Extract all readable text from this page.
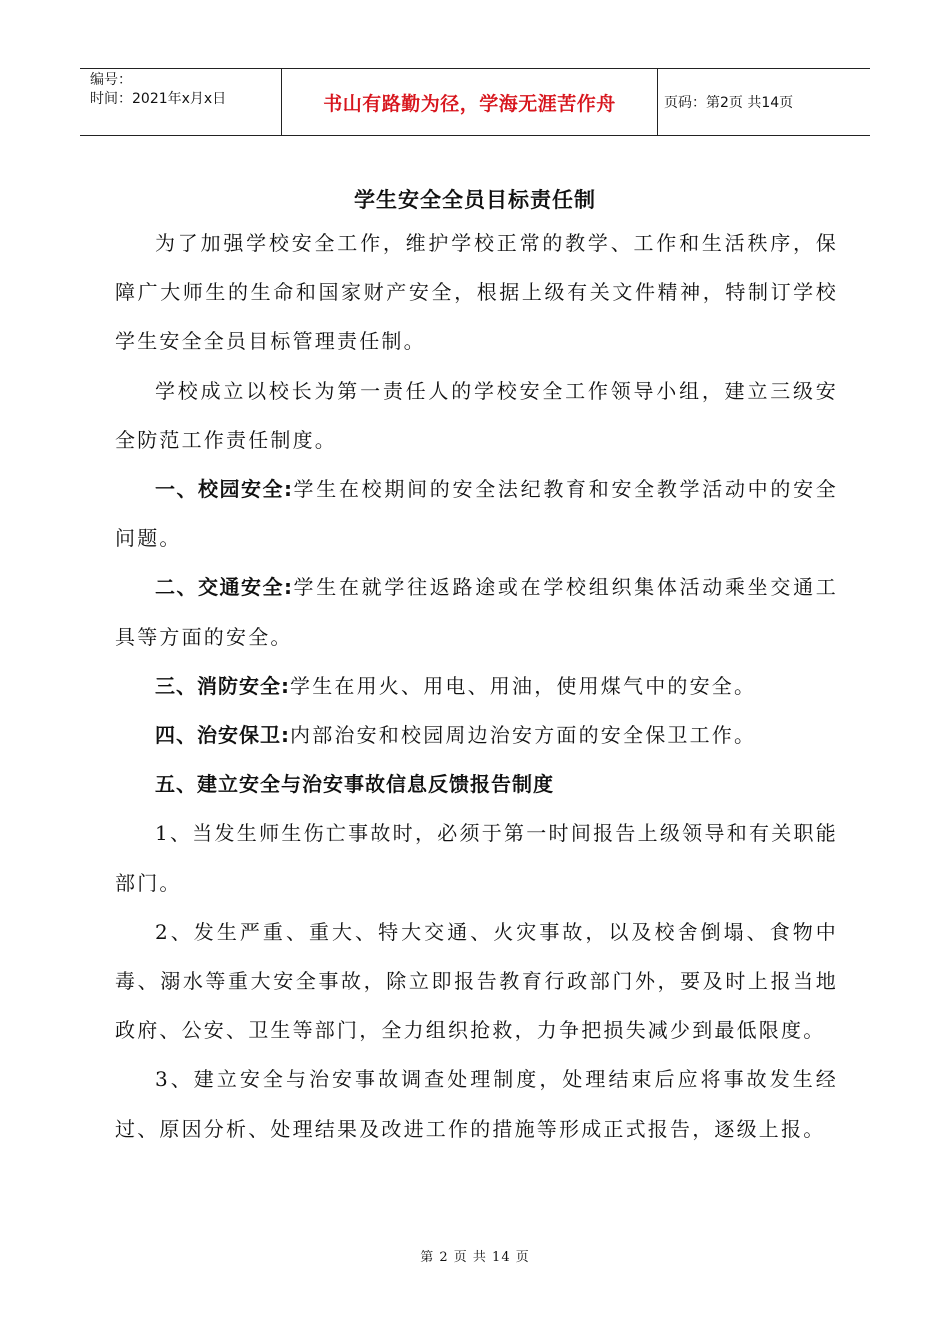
编号：
时间：2021年x月x日	书山有路勤为径，学海无涯苦作舟	页码：第2页 共14页
学生安全全员目标责任制

为了加强学校安全工作，维护学校正常的教学、工作和生活秩序，保障广大师生的生命和国家财产安全，根据上级有关文件精神，特制订学校学生安全全员目标管理责任制。

学校成立以校长为第一责任人的学校安全工作领导小组，建立三级安全防范工作责任制度。

一、校园安全:学生在校期间的安全法纪教育和安全教学活动中的安全问题。

二、交通安全:学生在就学往返路途或在学校组织集体活动乘坐交通工具等方面的安全。

三、消防安全:学生在用火、用电、用油，使用煤气中的安全。

四、治安保卫:内部治安和校园周边治安方面的安全保卫工作。

五、建立安全与治安事故信息反馈报告制度

1、当发生师生伤亡事故时，必须于第一时间报告上级领导和有关职能部门。

2、发生严重、重大、特大交通、火灾事故，以及校舍倒塌、食物中毒、溺水等重大安全事故，除立即报告教育行政部门外，要及时上报当地政府、公安、卫生等部门，全力组织抢救，力争把损失减少到最低限度。

3、建立安全与治安事故调查处理制度，处理结束后应将事故发生经过、原因分析、处理结果及改进工作的措施等形成正式报告，逐级上报。

第 2 页 共 14 页
